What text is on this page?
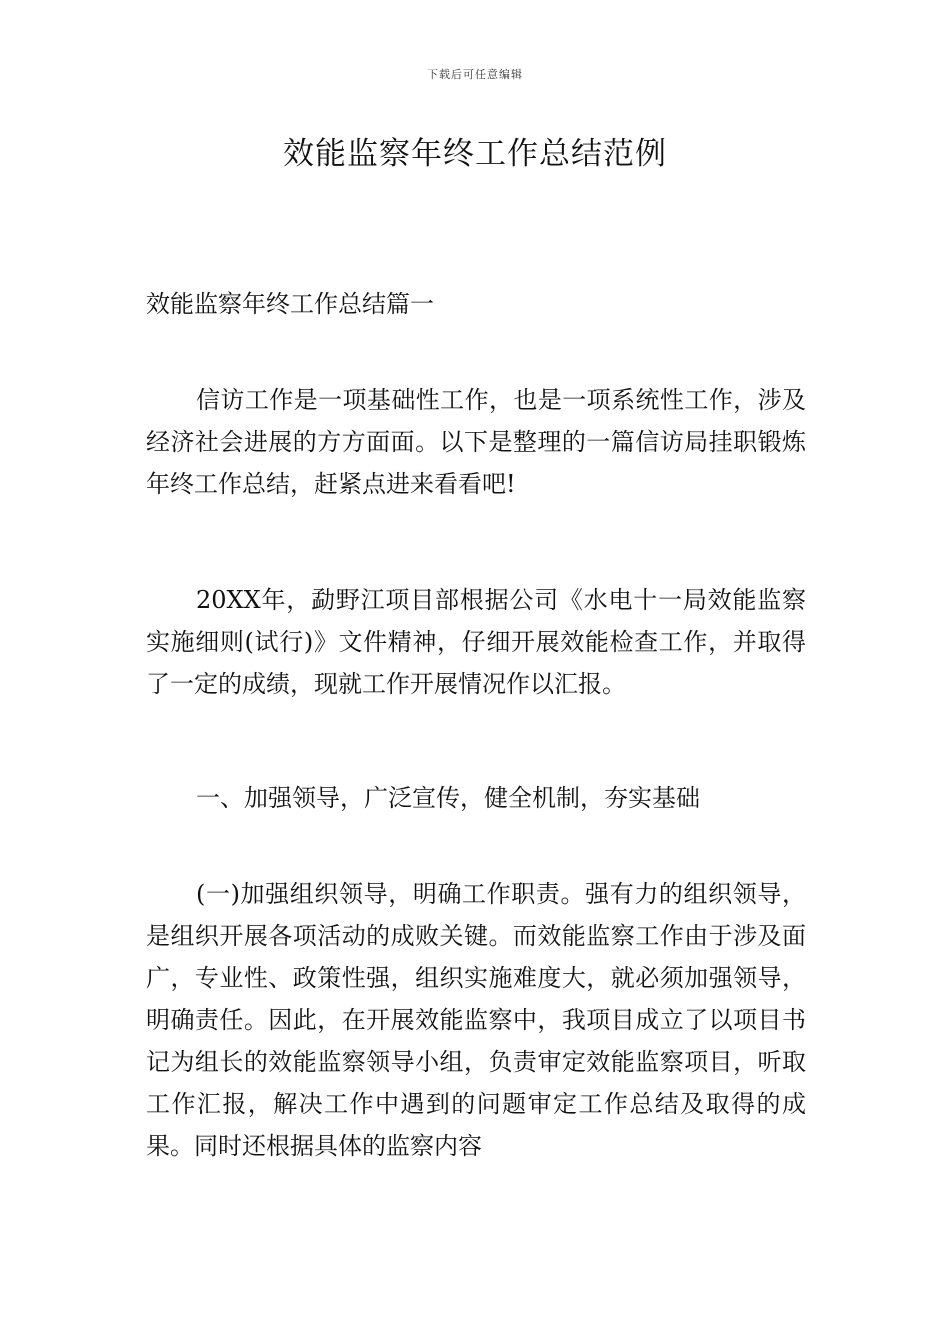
下载后可任意编辑
效能监察年终工作总结范例

效能监察年终工作总结篇一

信访工作是一项基础性工作，也是一项系统性工作，涉及经济社会进展的方方面面。以下是整理的一篇信访局挂职锻炼年终工作总结，赶紧点进来看看吧!

20XX年，勐野江项目部根据公司《水电十一局效能监察实施细则(试行)》文件精神，仔细开展效能检查工作，并取得了一定的成绩，现就工作开展情况作以汇报。

一、加强领导，广泛宣传，健全机制，夯实基础

(一)加强组织领导，明确工作职责。强有力的组织领导，是组织开展各项活动的成败关键。而效能监察工作由于涉及面广，专业性、政策性强，组织实施难度大，就必须加强领导，明确责任。因此，在开展效能监察中，我项目成立了以项目书记为组长的效能监察领导小组，负责审定效能监察项目，听取工作汇报，解决工作中遇到的问题审定工作总结及取得的成果。同时还根据具体的监察内容
